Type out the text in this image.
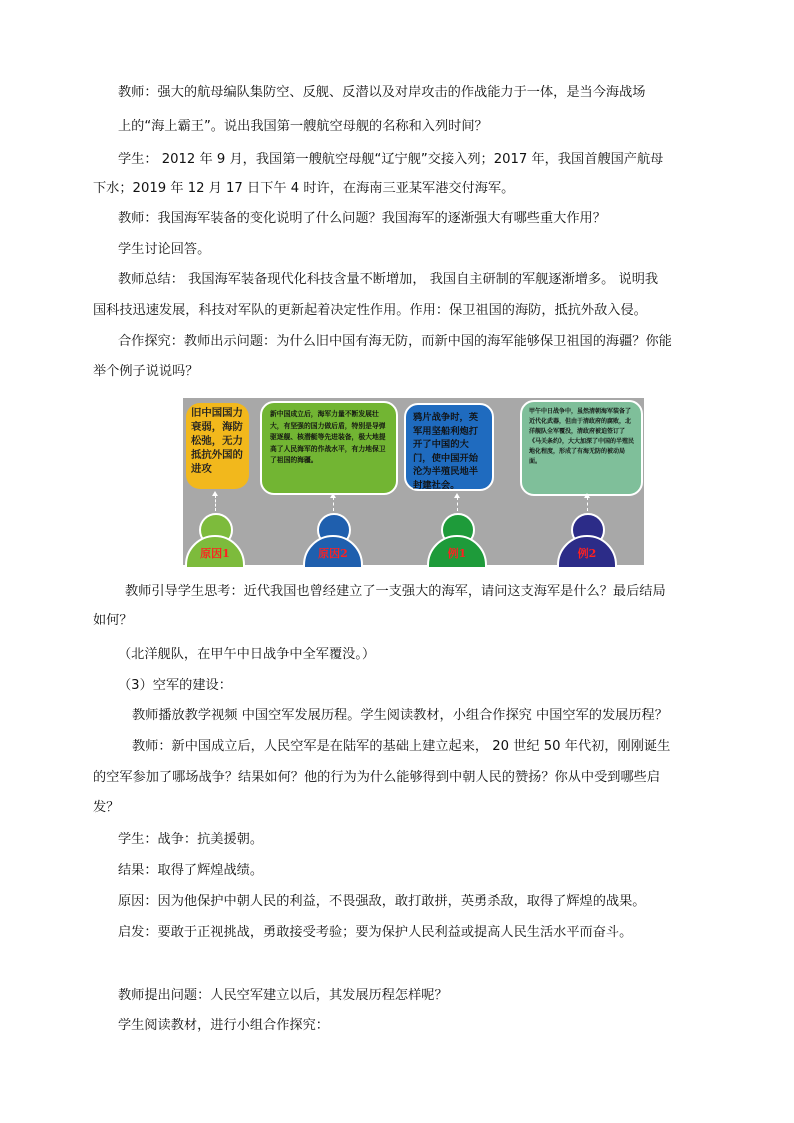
教师：强大的航母编队集防空、反舰、反潜以及对岸攻击的作战能力于一体，是当今海战场
上的“海上霸王”。说出我国第一艘航空母舰的名称和入列时间？
学生： 2012 年 9 月，我国第一艘航空母舰“辽宁舰”交接入列；2017 年，我国首艘国产航母
下水；2019 年 12 月 17 日下午 4 时许，在海南三亚某军港交付海军。
教师：我国海军装备的变化说明了什么问题？我国海军的逐渐强大有哪些重大作用？
学生讨论回答。
教师总结： 我国海军装备现代化科技含量不断增加， 我国自主研制的军舰逐渐增多。 说明我
国科技迅速发展，科技对军队的更新起着决定性作用。作用：保卫祖国的海防，抵抗外敌入侵。
合作探究：教师出示问题：为什么旧中国有海无防，而新中国的海军能够保卫祖国的海疆？你能
举个例子说说吗？
旧中国国力衰弱，海防松弛，无力抵抗外国的进攻
新中国成立后，海军力量不断发展壮大，有坚强的国力做后盾，特别是导弹驱逐舰、核潜艇等先进装备，极大地提高了人民海军的作战水平，有力地保卫了祖国的海疆。
鸦片战争时，英军用坚船利炮打开了中国的大门，使中国开始沦为半殖民地半封建社会。
甲午中日战争中，虽然清朝海军装备了近代化武器，但由于清政府的腐败，北洋舰队全军覆没，清政府被迫签订了《马关条约》，大大加深了中国的半殖民地化程度，形成了有海无防的被动局面。
原因1	原因2	例1	例2
教师引导学生思考：近代我国也曾经建立了一支强大的海军，请问这支海军是什么？最后结局
如何？
（北洋舰队，在甲午中日战争中全军覆没。）
（3）空军的建设：
教师播放教学视频 中国空军发展历程。学生阅读教材，小组合作探究 中国空军的发展历程？
教师：新中国成立后，人民空军是在陆军的基础上建立起来， 20 世纪 50 年代初，刚刚诞生
的空军参加了哪场战争？结果如何？他的行为为什么能够得到中朝人民的赞扬？你从中受到哪些启
发？
学生：战争：抗美援朝。
结果：取得了辉煌战绩。
原因：因为他保护中朝人民的利益，不畏强敌，敢打敢拼，英勇杀敌，取得了辉煌的战果。
启发：要敢于正视挑战，勇敢接受考验；要为保护人民利益或提高人民生活水平而奋斗。
教师提出问题：人民空军建立以后，其发展历程怎样呢？
学生阅读教材，进行小组合作探究：
